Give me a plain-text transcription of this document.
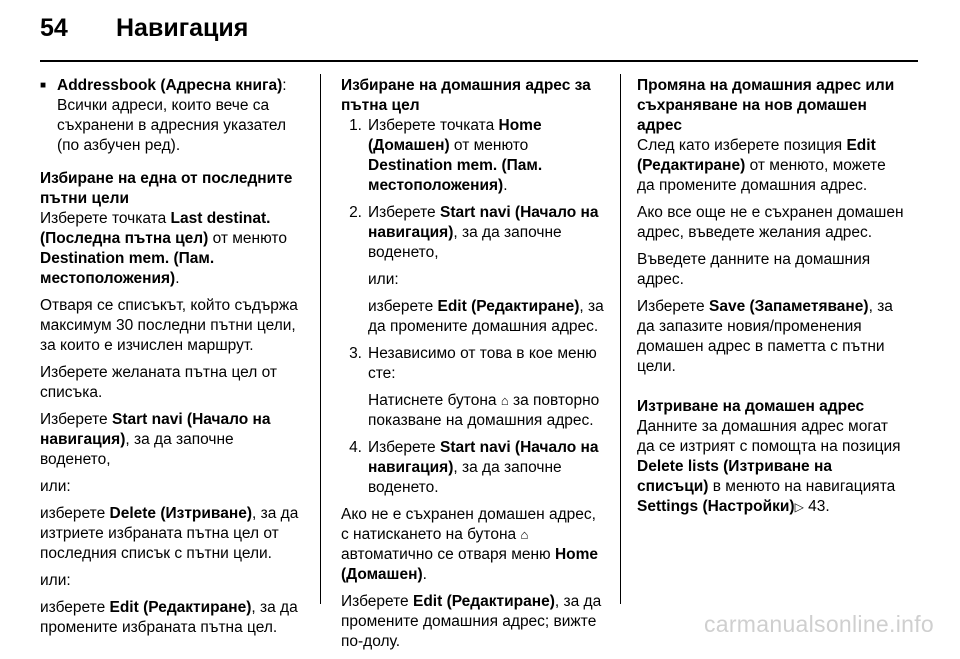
54	Навигация
■ Addressbook (Адресна книга):
Всички адреси, които вече са съхранени в адресния указател (по азбучен ред).

Избиране на една от последните пътни цели

Изберете точката Last destinat. (Последна пътна цел) от менюто Destination mem. (Пам. местоположения).

Отваря се списъкът, който съдържа максимум 30 последни пътни цели, за които е изчислен маршрут.

Изберете желаната пътна цел от списъка.

Изберете Start navi (Начало на навигация), за да започне воденето,

или:

изберете Delete (Изтриване), за да изтриете избраната пътна цел от последния списък с пътни цели.

или:

изберете Edit (Редактиране), за да промените избраната пътна цел.

Избиране на домашния адрес за пътна цел

1. Изберете точката Home (Домашен) от менюто Destination mem. (Пам. местоположения).

2. Изберете Start navi (Начало на навигация), за да започне воденето,

или:

изберете Edit (Редактиране), за да промените домашния адрес.

3. Независимо от това в кое меню сте:

Натиснете бутона ⌂ за повторно показване на домашния адрес.

4. Изберете Start navi (Начало на навигация), за да започне воденето.

Ако не е съхранен домашен адрес, с натискането на бутона ⌂ автоматично се отваря меню Home (Домашен).

Изберете Edit (Редактиране), за да промените домашния адрес; вижте по-долу.

Промяна на домашния адрес или съхраняване на нов домашен адрес

След като изберете позиция Edit (Редактиране) от менюто, можете да промените домашния адрес.

Ако все още не е съхранен домашен адрес, въведете желания адрес.

Въведете данните на домашния адрес.

Изберете Save (Запаметяване), за да запазите новия/променения домашен адрес в паметта с пътни цели.

Изтриване на домашен адрес

Данните за домашния адрес могат да се изтрият с помощта на позиция Delete lists (Изтриване на списъци) в менюто на навигацията Settings (Настройки)▷ 43.

carmanualsonline.info
